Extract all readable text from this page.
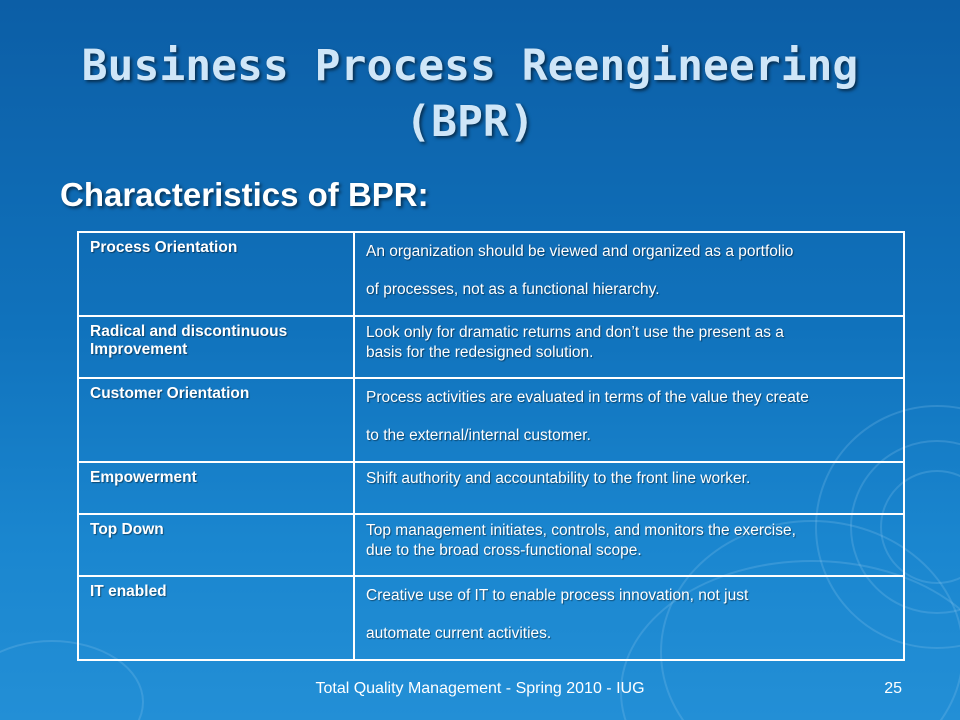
Business Process Reengineering
(BPR)
Characteristics of BPR:
Process Orientation	An organization should be viewed and organized as a portfolio
of processes, not as a functional hierarchy.

Radical and discontinuous Improvement	Look only for dramatic returns and don’t use the present as a
basis for the redesigned solution.

Customer Orientation	Process activities are evaluated in terms of the value they create
to the external/internal customer.

Empowerment	Shift authority and accountability to the front line worker.

Top Down	Top management initiates, controls, and monitors the exercise,
due to the broad cross-functional scope.

IT enabled	Creative use of IT to enable process innovation, not just
automate current activities.
Total Quality Management - Spring 2010 - IUG	25
